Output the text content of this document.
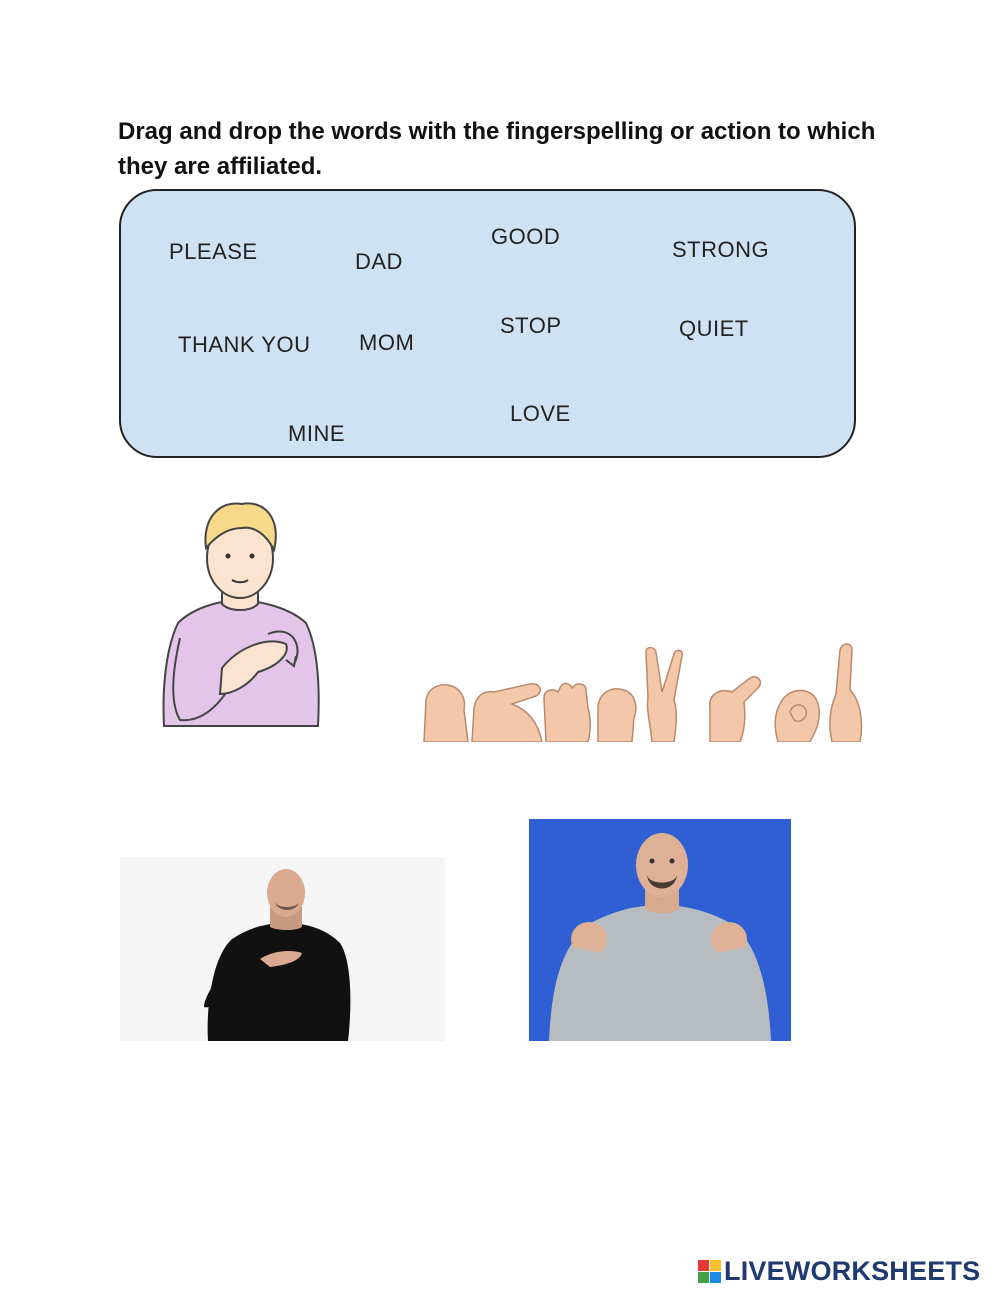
Drag and drop the words with the fingerspelling or action to which they are affiliated.

PLEASE	DAD
GOOD
STRONG
THANK YOU MOM
STOP	QUIET
MINE
LOVE
LIVEWORKSHEETS
